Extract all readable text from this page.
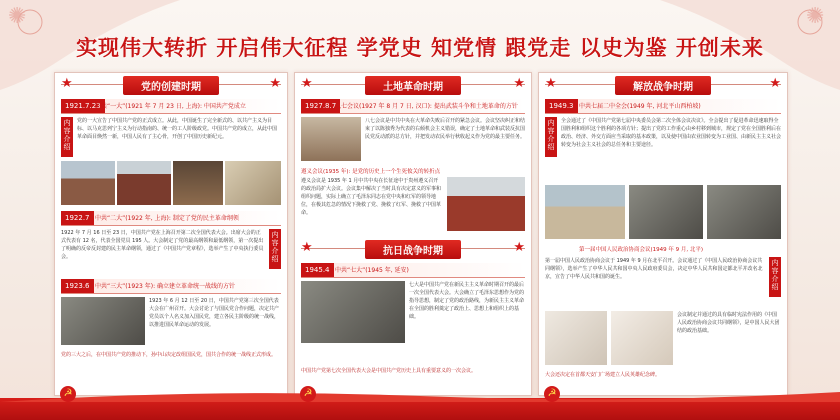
✺	✺
实现伟大转折 开启伟大征程 学党史 知党情 跟党走 以史为鉴 开创未来
★	★
党的创建时期
1921.7.23
中共“一大”(1921 年 7 月 23 日, 上海): 中国共产党成立
内容介绍
党的一大宣告了中国共产党的正式成立。从此，中国诞生了完全新式的、以共产主义为目标、以马克思列宁主义为行动指南的、统一的工人阶级政党。中国共产党的成立，从此中国革命面目焕然一新，中国人民有了主心骨，开创了中国历史新纪元。
1922.7 中共“二大”(1922 年, 上海): 制定了党的民主革命纲领
1922 年 7 月 16 日至 23 日，中国共产党在上海召开第二次全国代表大会。出席大会的正式代表有 12 名，代表全国党员 195 人。大会制定了党的最高纲领和最低纲领，第一次提出了明确的反帝反封建的民主革命纲领，通过了《中国共产党章程》，选举产生了中央执行委员会。
内容介绍
1923.6 中共“三大”(1923 年): 确立建立革命统一战线的方针
1923 年 6 月 12 日至 20 日，中国共产党第三次全国代表大会在广州召开。大会讨论了与国民党合作问题，决定共产党员以个人名义加入国民党，建立各民主阶级的统一战线，以推进国民革命运动的发展。
党的三大之后，在中国共产党的推动下，孙中山决定改组国民党，国共合作的统一战线正式形成。
★	★
土地革命时期
1927.8.7
八七会议(1927 年 8 月 7 日, 汉口): 提出武装斗争和土地革命的方针
八七会议是中共中央在大革命失败后召开的紧急会议。会议坚决纠正和结束了以陈独秀为代表的右倾机会主义错误，确定了土地革命和武装反抗国民党反动派的总方针，并把发动农民举行秋收起义作为党的最主要任务。
遵义会议(1935 年): 是党的历史上一个生死攸关的转折点
遵义会议是 1935 年 1 月中共中央在长征途中于贵州遵义召开的政治局扩大会议。会议集中解决了当时具有决定意义的军事和组织问题，实际上确立了毛泽东同志在党中央和红军的领导地位，在极其危急的情况下挽救了党、挽救了红军、挽救了中国革命。
★	★
抗日战争时期
1945.4 中共“七大”(1945 年, 延安)
七大是中国共产党在新民主主义革命时期召开的最后一次全国代表大会。大会确立了毛泽东思想作为党的指导思想，制定了党的政治路线，为新民主主义革命在全国的胜利奠定了政治上、思想上和组织上的基础。
中国共产党第七次全国代表大会是中国共产党历史上具有重要意义的一次会议。
★	★
解放战争时期
1949.3 中共七届二中全会(1949 年, 河北平山西柏坡)
内容介绍
全会通过了《中国共产党第七届中央委员会第二次全体会议决议》。全会提出了促进革命迅速取得全国胜利和组织这个胜利的各项方针；提出了党的工作重心由乡村移到城市，规定了党在全国胜利后在政治、经济、外交方面应当采取的基本政策，以及使中国由农业国转变为工业国、由新民主主义社会转变为社会主义社会的总任务和主要途径。
第一届中国人民政治协商会议(1949 年 9 月, 北平)
第一届中国人民政治协商会议于 1949 年 9 月在北平召开。会议通过了《中国人民政治协商会议共同纲领》，选举产生了中华人民共和国中央人民政府委员会，决定中华人民共和国定都北平并改名北京，宣告了中华人民共和国的诞生。
内容介绍
会议制定并通过的具有临时宪法作用的《中国人民政治协商会议共同纲领》，是中国人民大团结的政治基础。
大会还决定在首都天安门广场建立人民英雄纪念碑。
☭	☭	☭
